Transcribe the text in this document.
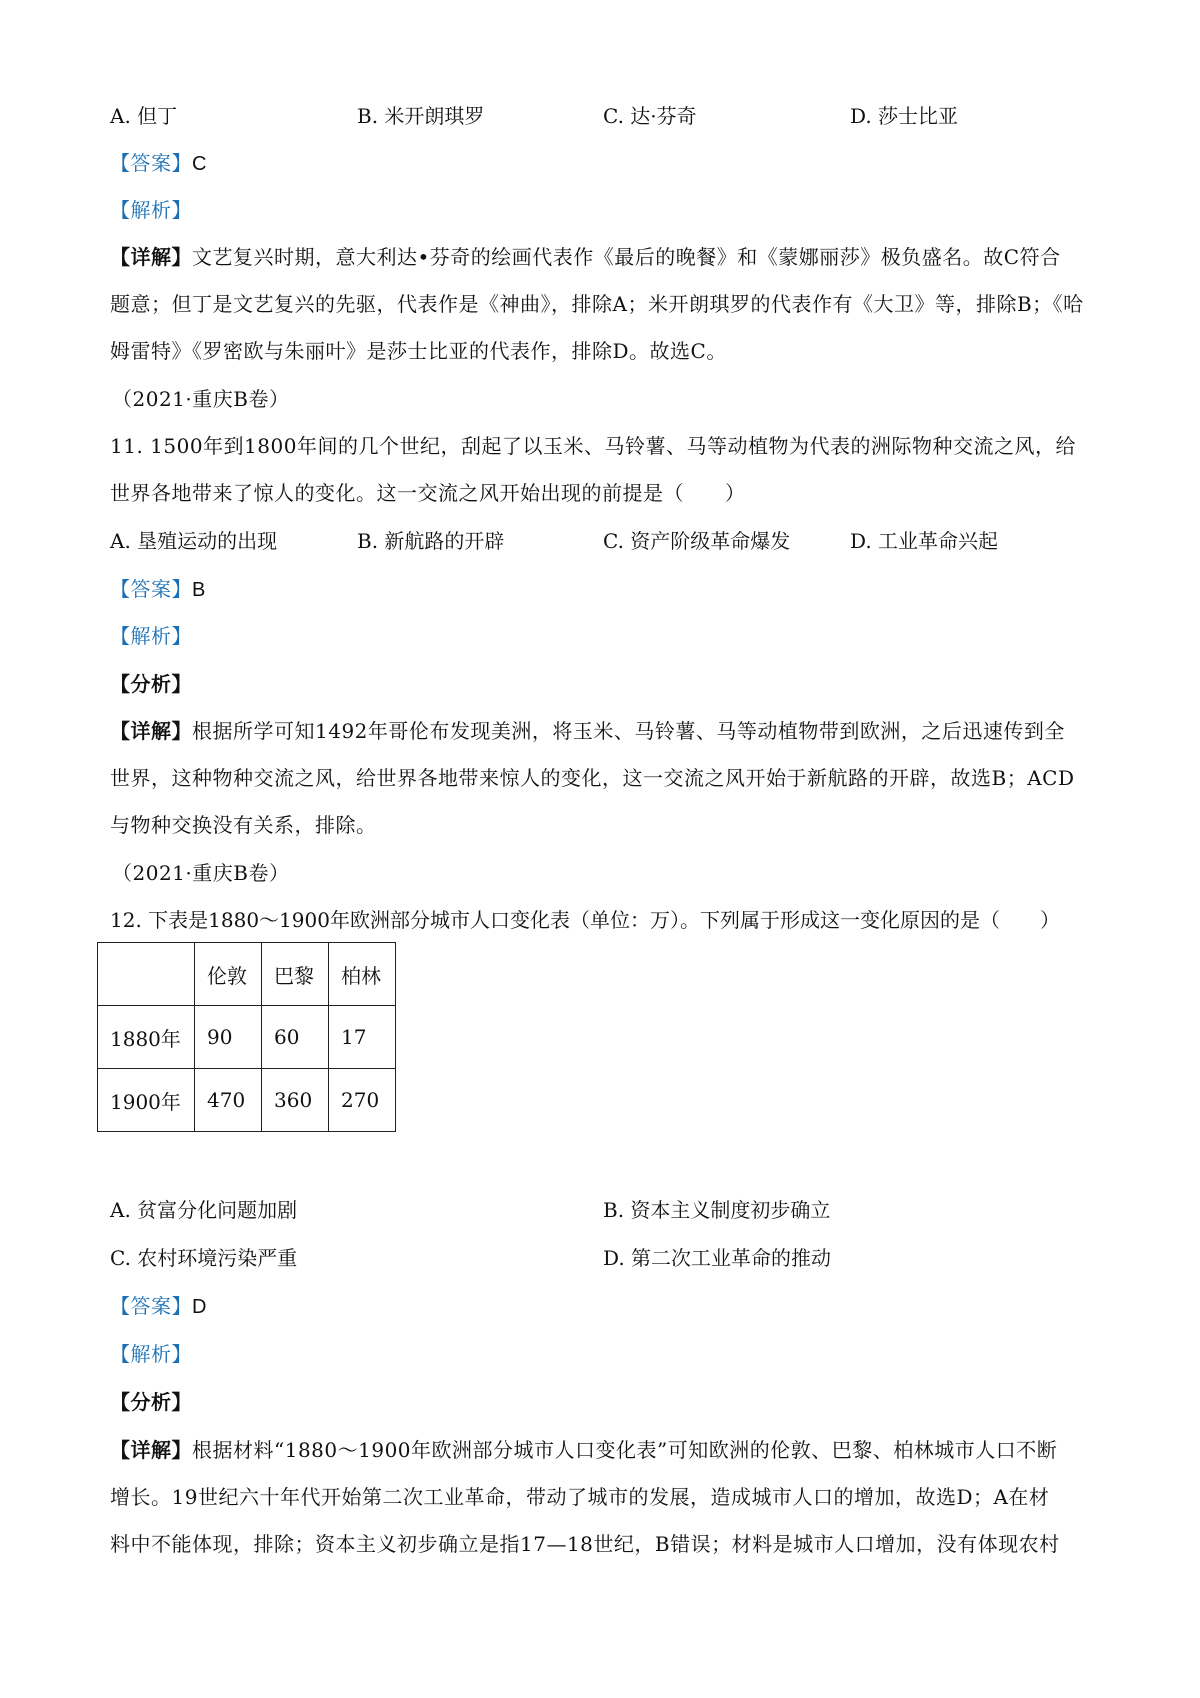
A. 但丁	B. 米开朗琪罗	C. 达·芬奇	D. 莎士比亚
【答案】C
【解析】
【详解】文艺复兴时期，意大利达•芬奇的绘画代表作《最后的晚餐》和《蒙娜丽莎》极负盛名。故C符合
题意；但丁是文艺复兴的先驱，代表作是《神曲》，排除A；米开朗琪罗的代表作有《大卫》等，排除B；《哈
姆雷特》《罗密欧与朱丽叶》是莎士比亚的代表作，排除D。故选C。
（2021·重庆B卷）
11. 1500年到1800年间的几个世纪，刮起了以玉米、马铃薯、马等动植物为代表的洲际物种交流之风，给
世界各地带来了惊人的变化。这一交流之风开始出现的前提是（　　）
A. 垦殖运动的出现	B. 新航路的开辟	C. 资产阶级革命爆发	D. 工业革命兴起
【答案】B
【解析】
【分析】
【详解】根据所学可知1492年哥伦布发现美洲，将玉米、马铃薯、马等动植物带到欧洲，之后迅速传到全
世界，这种物种交流之风，给世界各地带来惊人的变化，这一交流之风开始于新航路的开辟，故选B；ACD
与物种交换没有关系，排除。
（2021·重庆B卷）
12. 下表是1880～1900年欧洲部分城市人口变化表（单位：万）。下列属于形成这一变化原因的是（　　）
	伦敦	巴黎	柏林
1880年	90	60	17
1900年	470	360	270
A. 贫富分化问题加剧	B. 资本主义制度初步确立
C. 农村环境污染严重	D. 第二次工业革命的推动
【答案】D
【解析】
【分析】
【详解】根据材料“1880～1900年欧洲部分城市人口变化表”可知欧洲的伦敦、巴黎、柏林城市人口不断
增长。19世纪六十年代开始第二次工业革命，带动了城市的发展，造成城市人口的增加，故选D；A在材
料中不能体现，排除；资本主义初步确立是指17—18世纪，B错误；材料是城市人口增加，没有体现农村
